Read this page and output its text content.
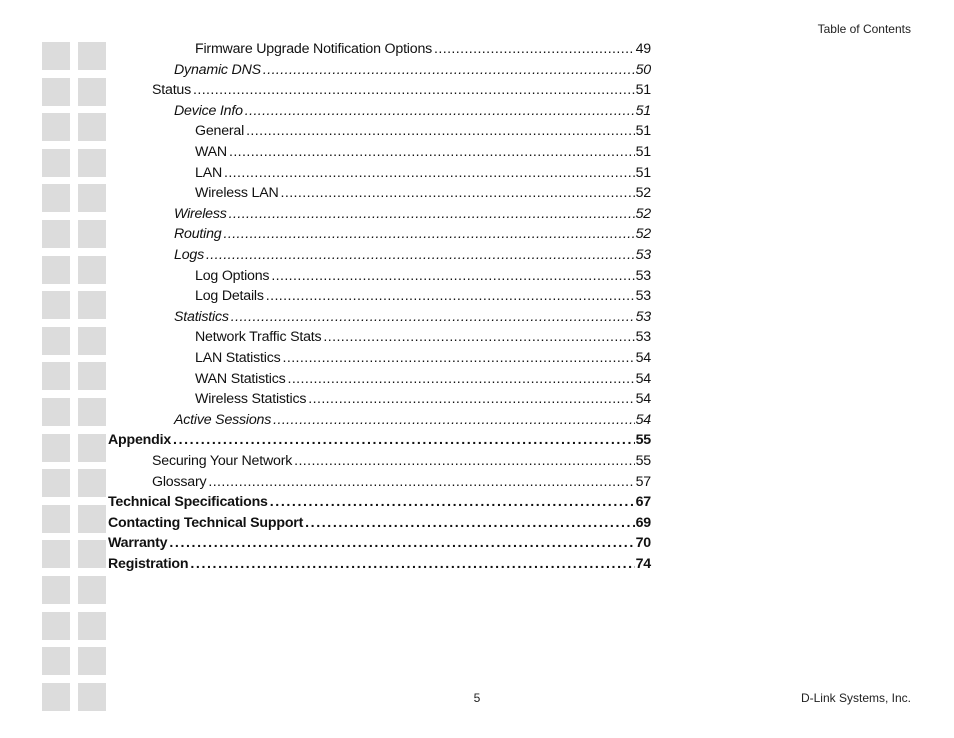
Table of Contents
Firmware Upgrade Notification Options .....	49
Dynamic DNS .....	50
Status .....	51
Device Info .....	51
General .....	51
WAN .....	51
LAN .....	51
Wireless LAN .....	52
Wireless .....	52
Routing .....	52
Logs .....	53
Log Options .....	53
Log Details .....	53
Statistics .....	53
Network Traffic Stats .....	53
LAN Statistics .....	54
WAN Statistics .....	54
Wireless Statistics .....	54
Active Sessions .....	54
Appendix .....	55
Securing Your Network .....	55
Glossary .....	57
Technical Specifications .....	67
Contacting Technical Support .....	69
Warranty .....	70
Registration .....	74
5	D-Link Systems, Inc.
